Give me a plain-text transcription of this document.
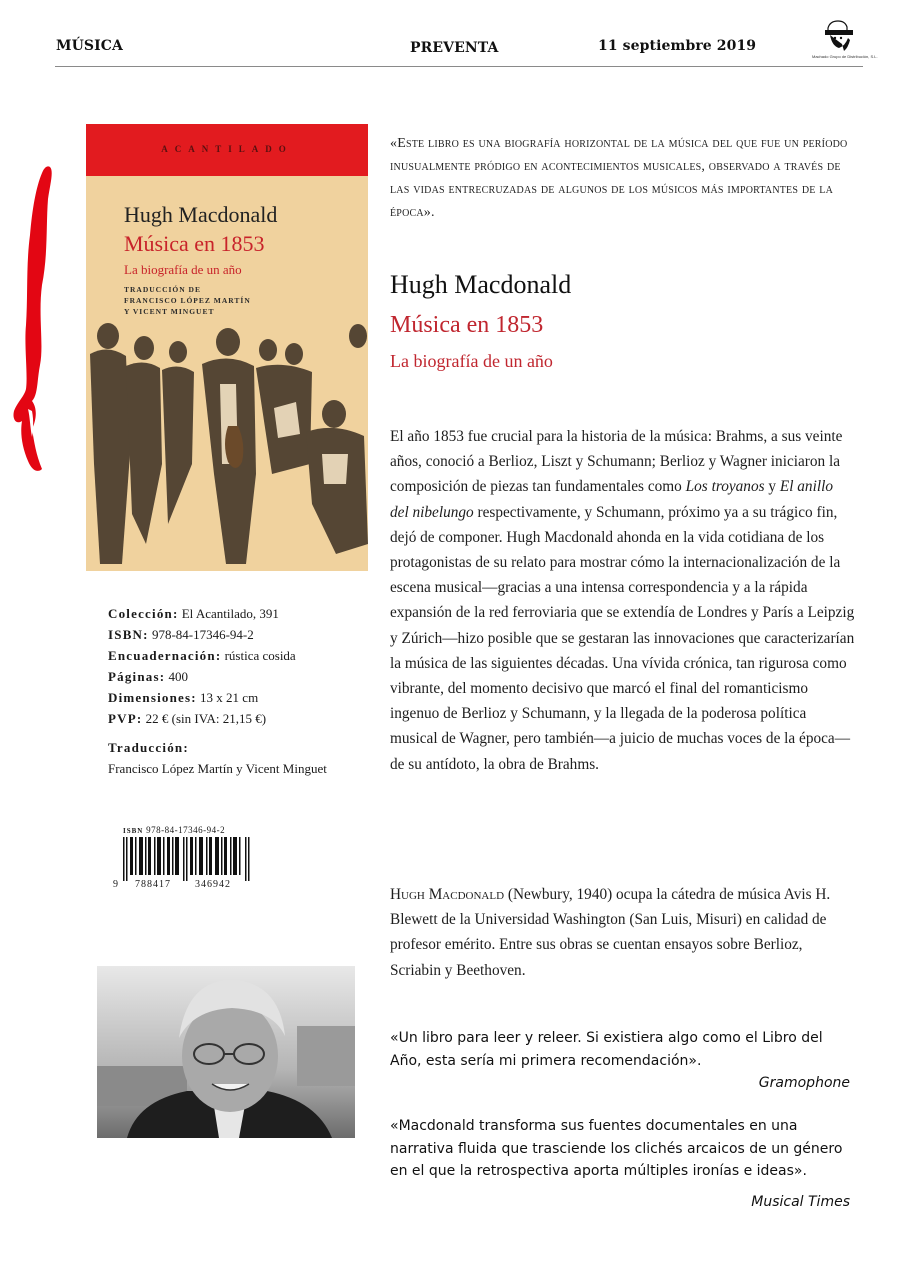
MÚSICA	PREVENTA	11 septiembre 2019
Machado Grupo de Distribución, S.L.
ACANTILADO
Hugh Macdonald
Música en 1853
La biografía de un año
TRADUCCIÓN DE
FRANCISCO LÓPEZ MARTÍN
Y VICENT MINGUET
Colección: El Acantilado, 391
ISBN: 978-84-17346-94-2
Encuadernación: rústica cosida
Páginas: 400
Dimensiones: 13 x 21 cm
PVP: 22 € (sin IVA: 21,15 €)
Traducción:
Francisco López Martín y Vicent Minguet
ISBN 978-84-17346-94-2
9 788417 346942
«Este libro es una biografía horizontal de la música del que fue un período inusualmente pródigo en acontecimientos musicales, observado a través de las vidas entrecruzadas de algunos de los músicos más importantes de la época».
Hugh Macdonald
Música en 1853
La biografía de un año
El año 1853 fue crucial para la historia de la música: Brahms, a sus veinte años, conoció a Berlioz, Liszt y Schumann; Berlioz y Wagner iniciaron la composición de piezas tan fundamentales como Los troyanos y El anillo del nibelungo respectivamente, y Schumann, próximo ya a su trágico fin, dejó de componer. Hugh Macdonald ahonda en la vida cotidiana de los protagonistas de su relato para mostrar cómo la internacionalización de la escena musical—gracias a una intensa correspondencia y a la rápida expansión de la red ferroviaria que se extendía de Londres y París a Leipzig y Zúrich—hizo posible que se gestaran las innovaciones que caracterizarían la música de las siguientes décadas. Una vívida crónica, tan rigurosa como vibrante, del momento decisivo que marcó el final del romanticismo ingenuo de Berlioz y Schumann, y la llegada de la poderosa política musical de Wagner, pero también—a juicio de muchas voces de la época—de su antídoto, la obra de Brahms.
Hugh Macdonald (Newbury, 1940) ocupa la cátedra de música Avis H. Blewett de la Universidad Washington (San Luis, Misuri) en calidad de profesor emérito. Entre sus obras se cuentan ensayos sobre Berlioz, Scriabin y Beethoven.
«Un libro para leer y releer. Si existiera algo como el Libro del Año, esta sería mi primera recomendación».
Gramophone
«Macdonald transforma sus fuentes documentales en una narrativa fluida que trasciende los clichés arcaicos de un género en el que la retrospectiva aporta múltiples ironías e ideas».
Musical Times
